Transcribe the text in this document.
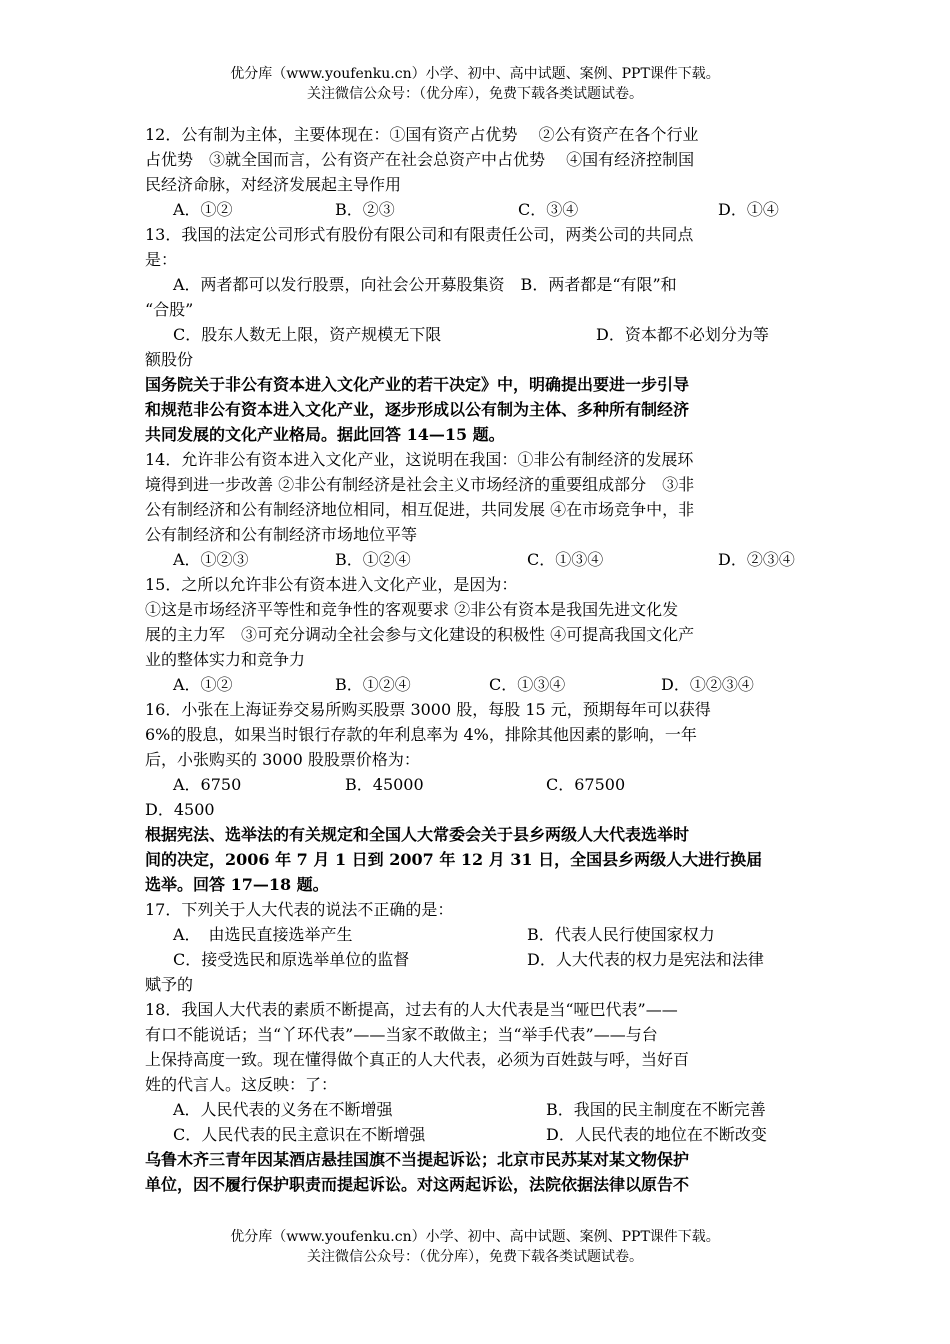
优分库（www.youfenku.cn）小学、初中、高中试题、案例、PPT课件下载。
关注微信公众号：（优分库），免费下载各类试题试卷。
12．公有制为主体，主要体现在：①国有资产占优势　 ②公有资产在各个行业
占优势　③就全国而言，公有资产在社会总资产中占优势　 ④国有经济控制国
民经济命脉，对经济发展起主导作用
A．①②	B．②③	C．③④	D．①④
13．我国的法定公司形式有股份有限公司和有限责任公司，两类公司的共同点
是：
A．两者都可以发行股票，向社会公开募股集资　B．两者都是“有限”和
“合股”
C．股东人数无上限，资产规模无下限	D．资本都不必划分为等
额股份
国务院关于非公有资本进入文化产业的若干决定》中，明确提出要进一步引导
和规范非公有资本进入文化产业，逐步形成以公有制为主体、多种所有制经济
共同发展的文化产业格局。据此回答 14—15 题。
14．允许非公有资本进入文化产业，这说明在我国：①非公有制经济的发展环
境得到进一步改善 ②非公有制经济是社会主义市场经济的重要组成部分　③非
公有制经济和公有制经济地位相同，相互促进，共同发展 ④在市场竞争中，非
公有制经济和公有制经济市场地位平等
A．①②③	B．①②④	C．①③④	D．②③④
15．之所以允许非公有资本进入文化产业，是因为：
①这是市场经济平等性和竞争性的客观要求 ②非公有资本是我国先进文化发
展的主力军　③可充分调动全社会参与文化建设的积极性 ④可提高我国文化产
业的整体实力和竞争力
A．①②	B．①②④	C．①③④	D．①②③④
16．小张在上海证券交易所购买股票 3000 股，每股 15 元，预期每年可以获得
6%的股息，如果当时银行存款的年利息率为 4%，排除其他因素的影响，一年
后，小张购买的 3000 股股票价格为：
A．6750	B．45000	C．67500
D．4500
根据宪法、选举法的有关规定和全国人大常委会关于县乡两级人大代表选举时
间的决定，2006 年 7 月 1 日到 2007 年 12 月 31 日，全国县乡两级人大进行换届
选举。回答 17—18 题。
17．下列关于人大代表的说法不正确的是：
A．　由选民直接选举产生	B．代表人民行使国家权力
C．接受选民和原选举单位的监督	D．人大代表的权力是宪法和法律
赋予的
18．我国人大代表的素质不断提高，过去有的人大代表是当“哑巴代表”——
有口不能说话；当“丫环代表”——当家不敢做主；当“举手代表”——与台
上保持高度一致。现在懂得做个真正的人大代表，必须为百姓鼓与呼，当好百
姓的代言人。这反映：了：
A．人民代表的义务在不断增强	B．我国的民主制度在不断完善
C．人民代表的民主意识在不断增强	D．人民代表的地位在不断改变
乌鲁木齐三青年因某酒店悬挂国旗不当提起诉讼；北京市民苏某对某文物保护
单位，因不履行保护职责而提起诉讼。对这两起诉讼，法院依据法律以原告不
优分库（www.youfenku.cn）小学、初中、高中试题、案例、PPT课件下载。
关注微信公众号：（优分库），免费下载各类试题试卷。
